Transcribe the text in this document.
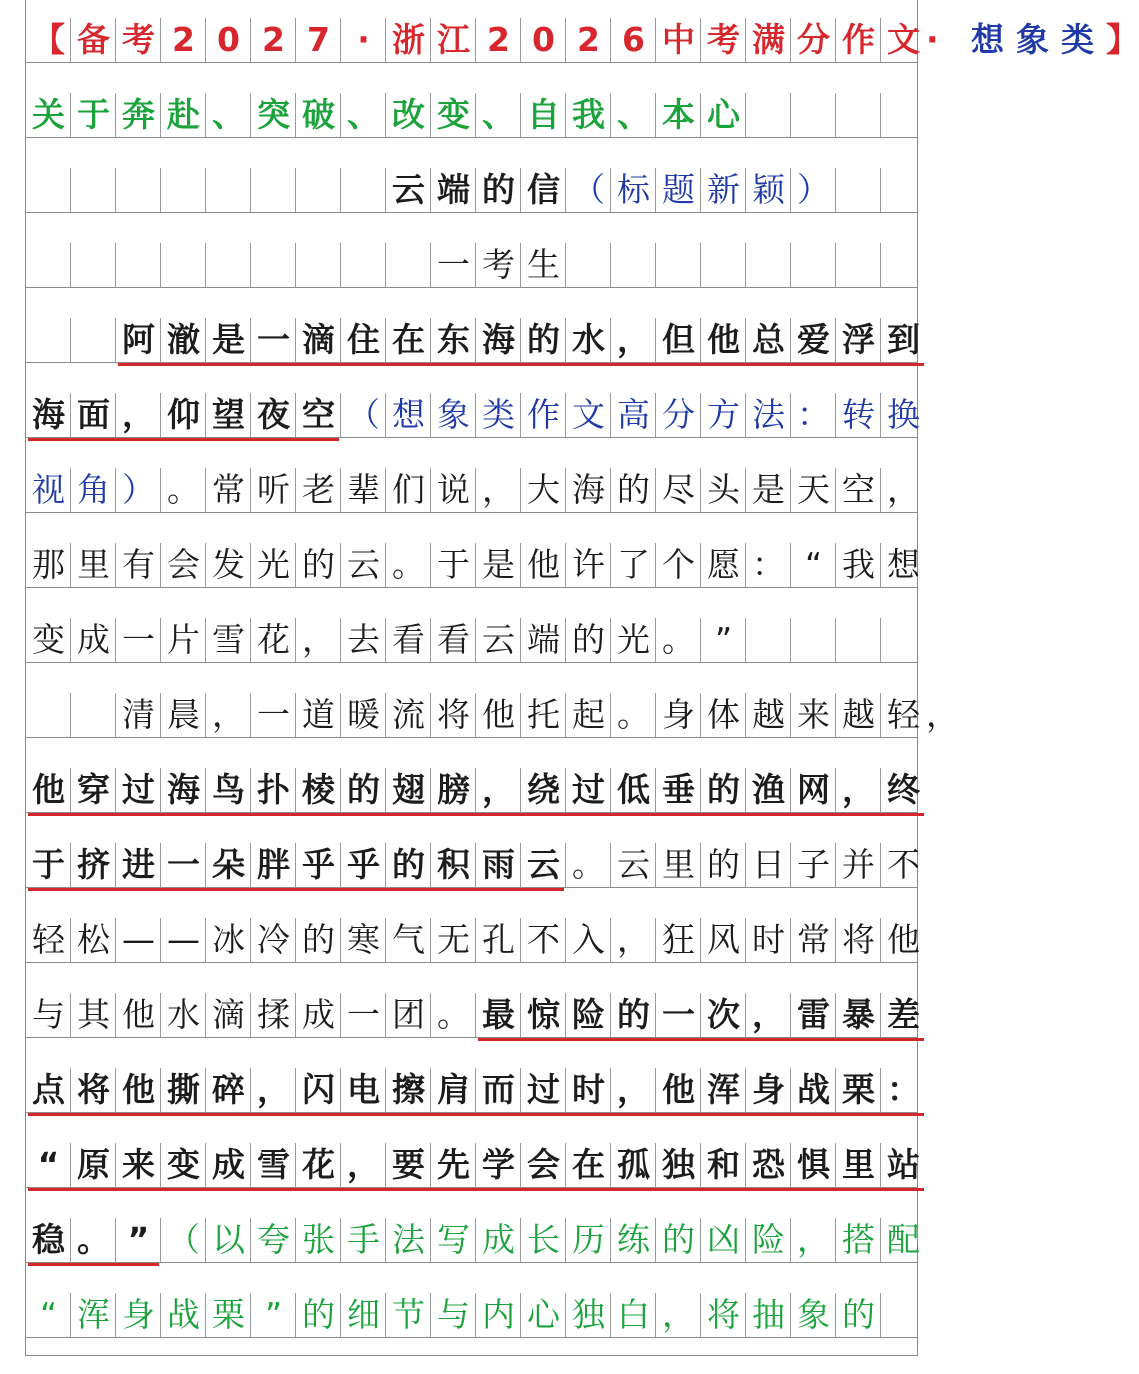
【 备 考 2 0 2 7 · 浙 江 2 0 2 6 中 考 满 分 作 文 · 想 象 类 】
关 于 奔 赴 、 突 破 、 改 变 、 自 我 、 本 心
云 端 的 信 （ 标 题 新 颖 ）
一 考 生
阿 澈 是 一 滴 住 在 东 海 的 水 ， 但 他 总 爱 浮 到
海 面 ， 仰 望 夜 空 （ 想 象 类 作 文 高 分 方 法 ： 转 换
视 角 ） 。 常 听 老 辈 们 说 ， 大 海 的 尽 头 是 天 空 ，
那 里 有 会 发 光 的 云 。 于 是 他 许 了 个 愿 ： “ 我 想
变 成 一 片 雪 花 ， 去 看 看 云 端 的 光 。 ”
清 晨 ， 一 道 暖 流 将 他 托 起 。 身 体 越 来 越 轻 ，
他 穿 过 海 鸟 扑 棱 的 翅 膀 ， 绕 过 低 垂 的 渔 网 ， 终
于 挤 进 一 朵 胖 乎 乎 的 积 雨 云 。 云 里 的 日 子 并 不
轻 松 — — 冰 冷 的 寒 气 无 孔 不 入 ， 狂 风 时 常 将 他
与 其 他 水 滴 揉 成 一 团 。 最 惊 险 的 一 次 ， 雷 暴 差
点 将 他 撕 碎 ， 闪 电 擦 肩 而 过 时 ， 他 浑 身 战 栗 ：
“ 原 来 变 成 雪 花 ， 要 先 学 会 在 孤 独 和 恐 惧 里 站
稳 。 ” （ 以 夸 张 手 法 写 成 长 历 练 的 凶 险 ， 搭 配
“ 浑 身 战 栗 ” 的 细 节 与 内 心 独 白 ， 将 抽 象 的
